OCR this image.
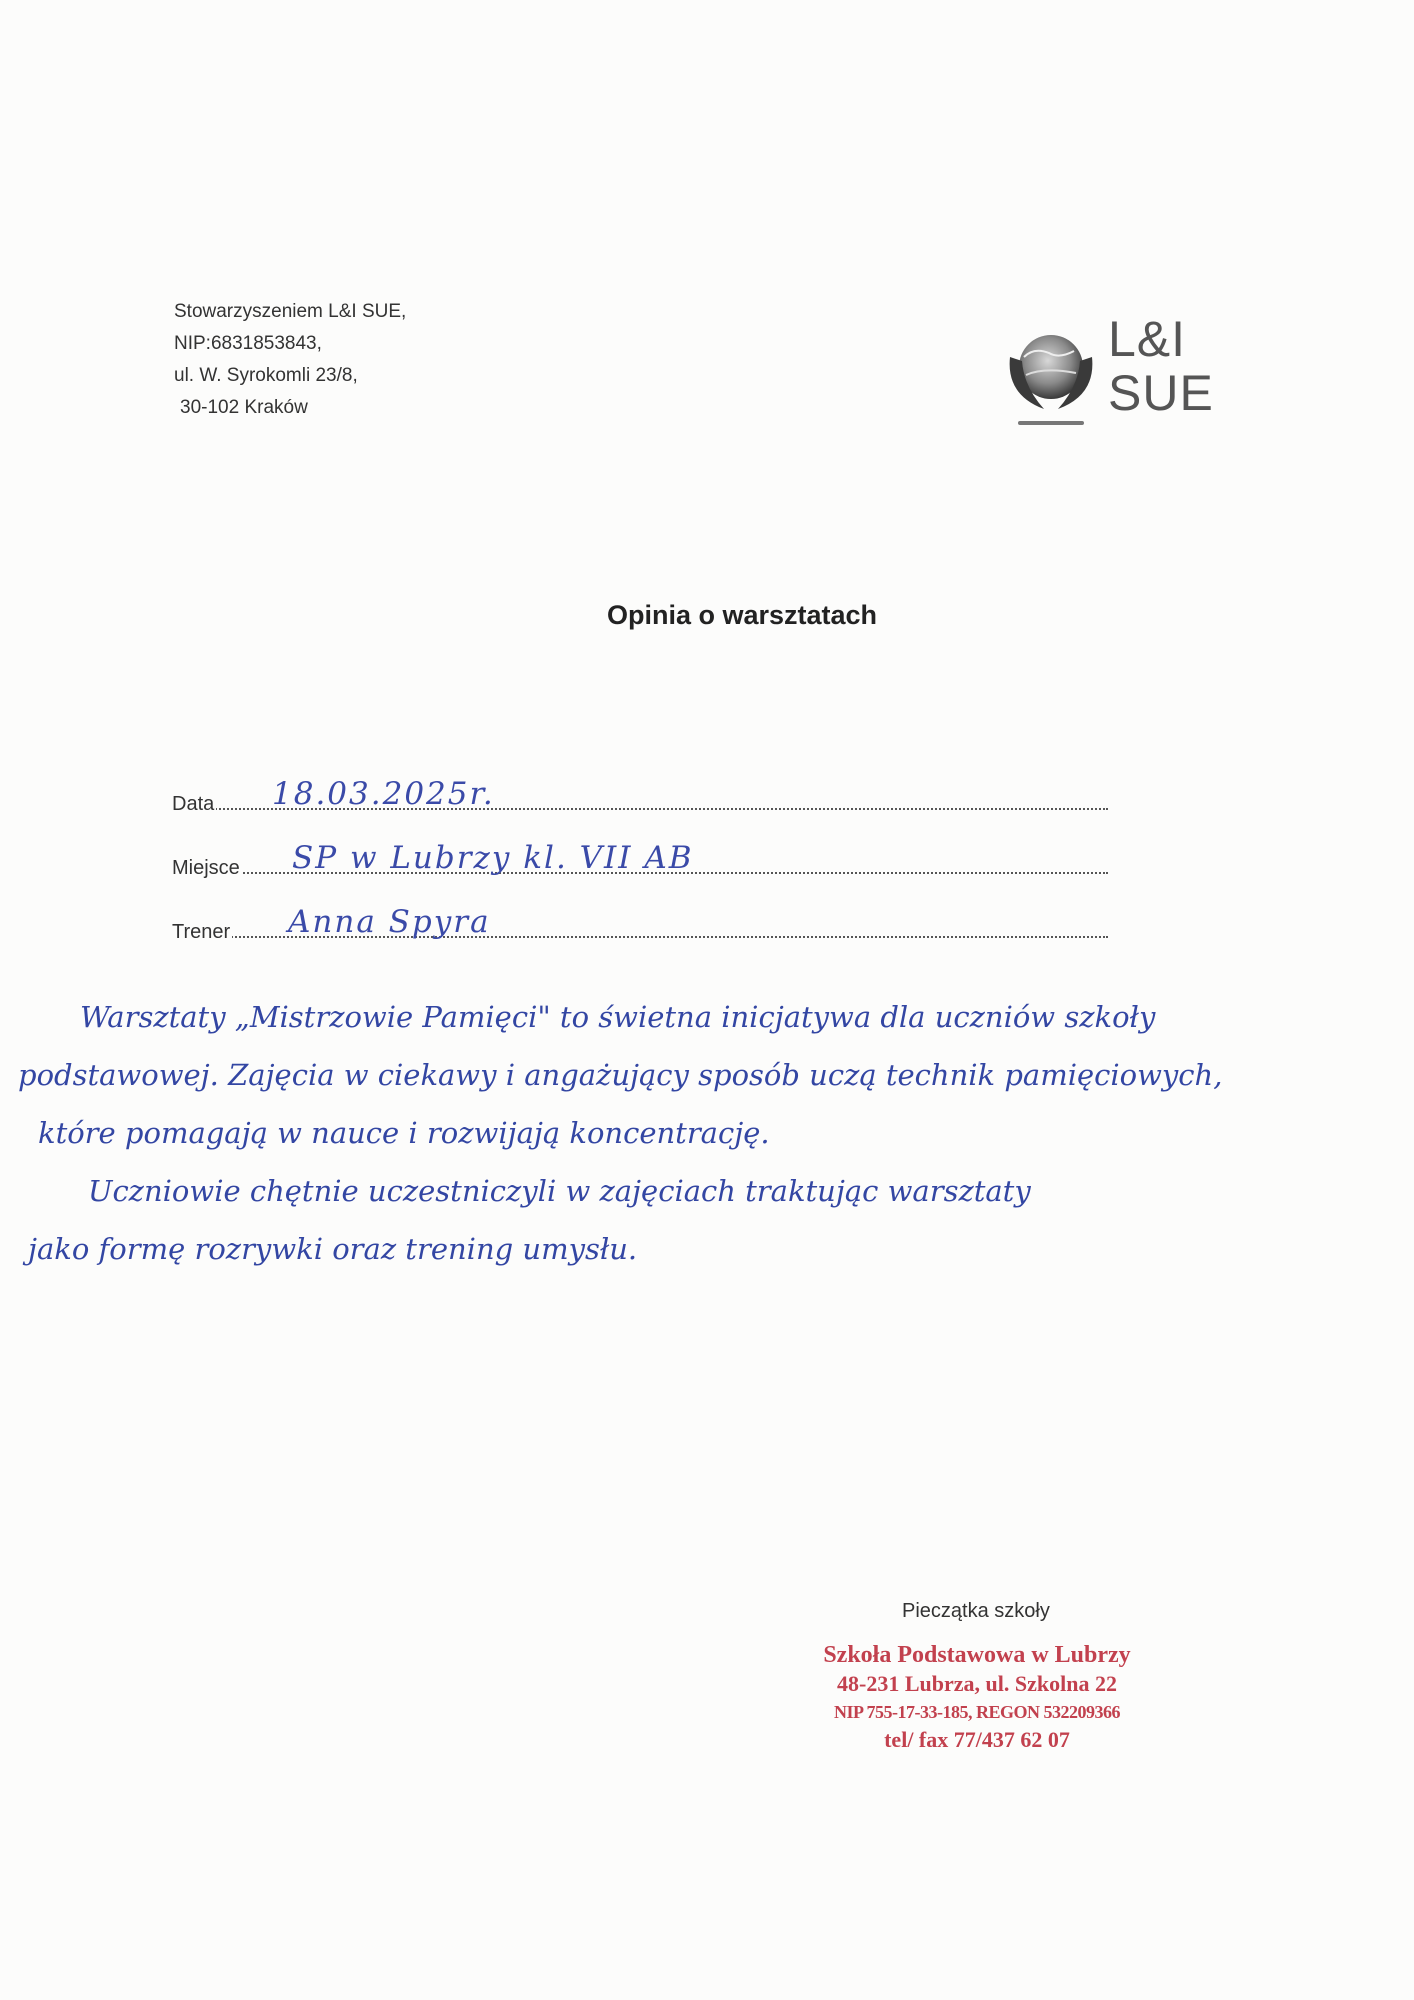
Stowarzyszeniem L&I SUE,
NIP:6831853843,
ul. W. Syrokomli 23/8,
30-102 Kraków
L&I
SUE
Opinia o warsztatach
Data 18.03.2025r.
Miejsce SP w Lubrzy kl. VII AB
Trener Anna Spyra
Warsztaty „Mistrzowie Pamięci" to świetna inicjatywa dla uczniów szkoły
podstawowej. Zajęcia w ciekawy i angażujący sposób uczą technik pamięciowych,
które pomagają w nauce i rozwijają koncentrację.
Uczniowie chętnie uczestniczyli w zajęciach traktując warsztaty
jako formę rozrywki oraz trening umysłu.
Pieczątka szkoły
Szkoła Podstawowa w Lubrzy
48-231 Lubrza, ul. Szkolna 22
NIP 755-17-33-185, REGON 532209366
tel/ fax 77/437 62 07
